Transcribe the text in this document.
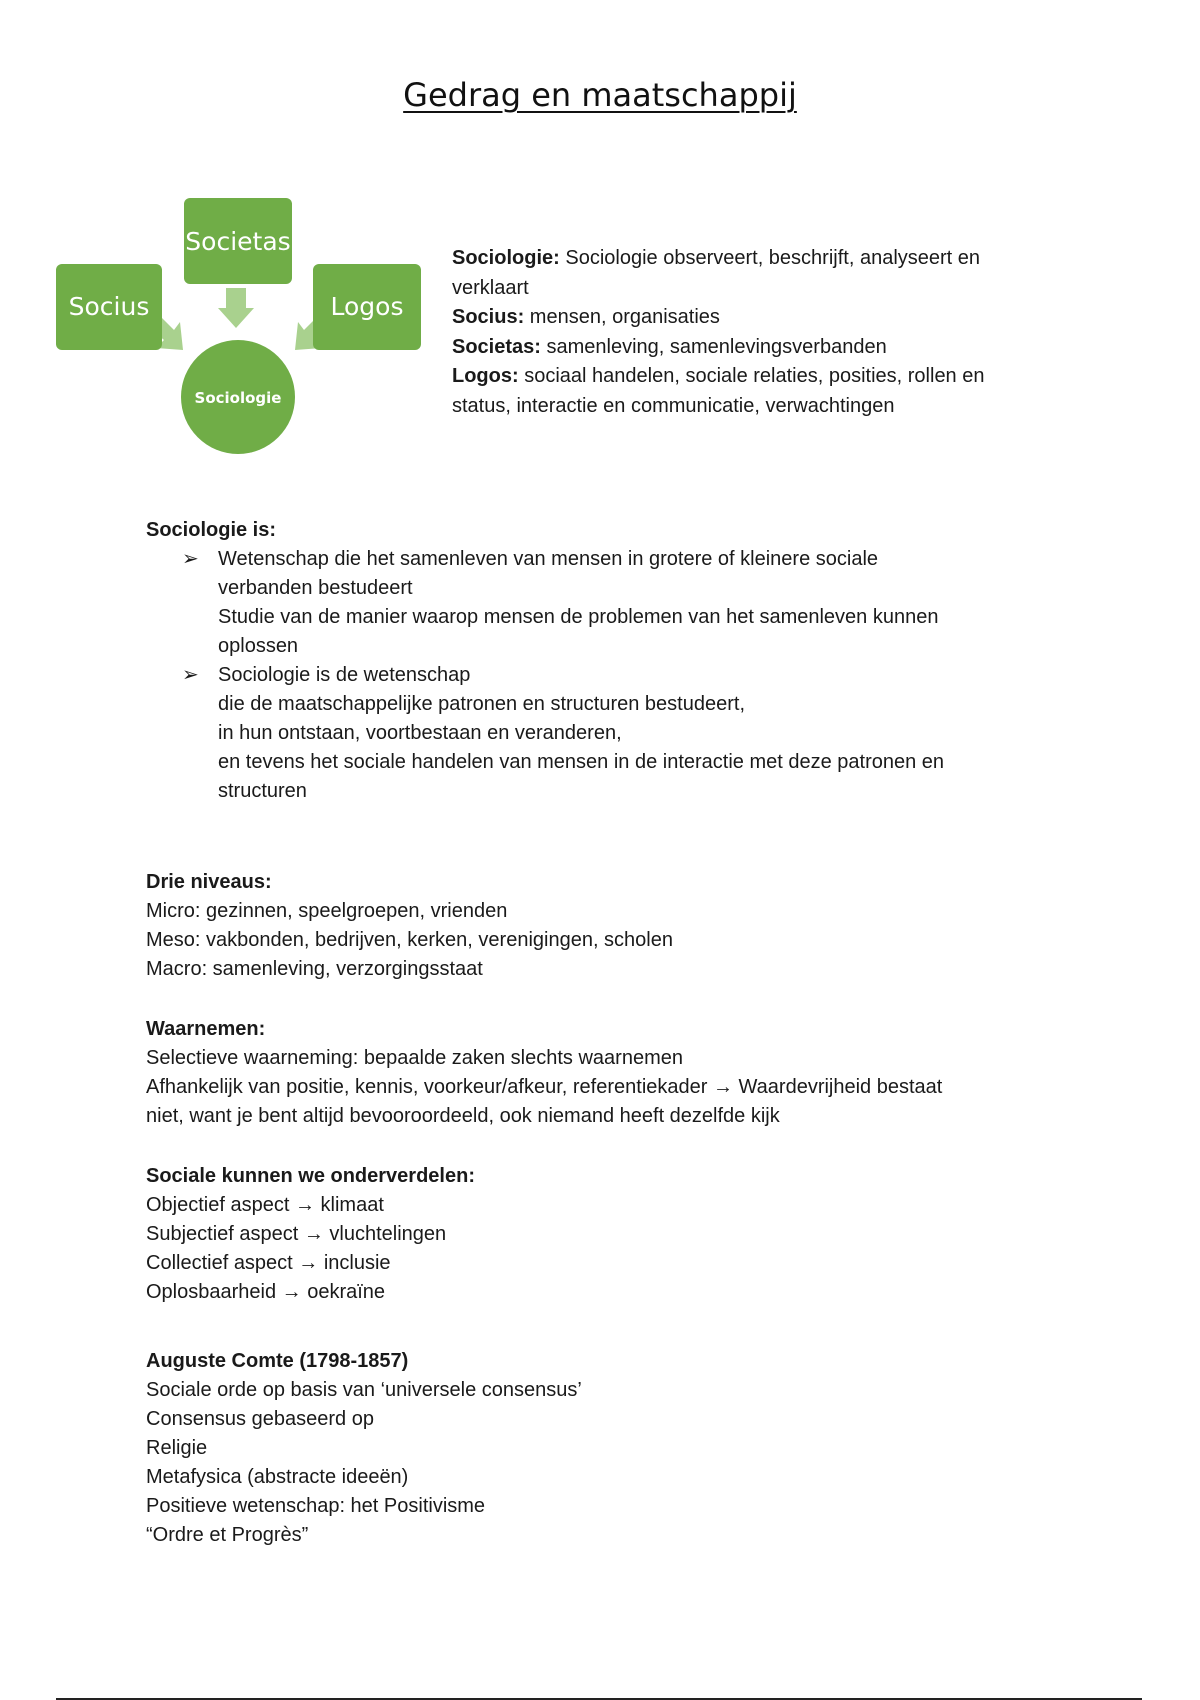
Gedrag en maatschappij
Socius
Societas
Logos
Sociologie
Sociologie: Sociologie observeert, beschrijft, analyseert en
verklaart
Socius: mensen, organisaties
Societas: samenleving, samenlevingsverbanden
Logos: sociaal handelen, sociale relaties, posities, rollen en
status, interactie en communicatie, verwachtingen
Sociologie is:
➢ Wetenschap die het samenleven van mensen in grotere of kleinere sociale
verbanden bestudeert
Studie van de manier waarop mensen de problemen van het samenleven kunnen
oplossen
➢ Sociologie is de wetenschap
die de maatschappelijke patronen en structuren bestudeert,
in hun ontstaan, voortbestaan en veranderen,
en tevens het sociale handelen van mensen in de interactie met deze patronen en
structuren
Drie niveaus:
Micro: gezinnen, speelgroepen, vrienden
Meso: vakbonden, bedrijven, kerken, verenigingen, scholen
Macro: samenleving, verzorgingsstaat
Waarnemen:
Selectieve waarneming: bepaalde zaken slechts waarnemen
Afhankelijk van positie, kennis, voorkeur/afkeur, referentiekader → Waardevrijheid bestaat
niet, want je bent altijd bevooroordeeld, ook niemand heeft dezelfde kijk
Sociale kunnen we onderverdelen:
Objectief aspect → klimaat
Subjectief aspect → vluchtelingen
Collectief aspect → inclusie
Oplosbaarheid → oekraïne
Auguste Comte (1798-1857)
Sociale orde op basis van ‘universele consensus’
Consensus gebaseerd op
Religie
Metafysica (abstracte ideeën)
Positieve wetenschap: het Positivisme
“Ordre et Progrès”
